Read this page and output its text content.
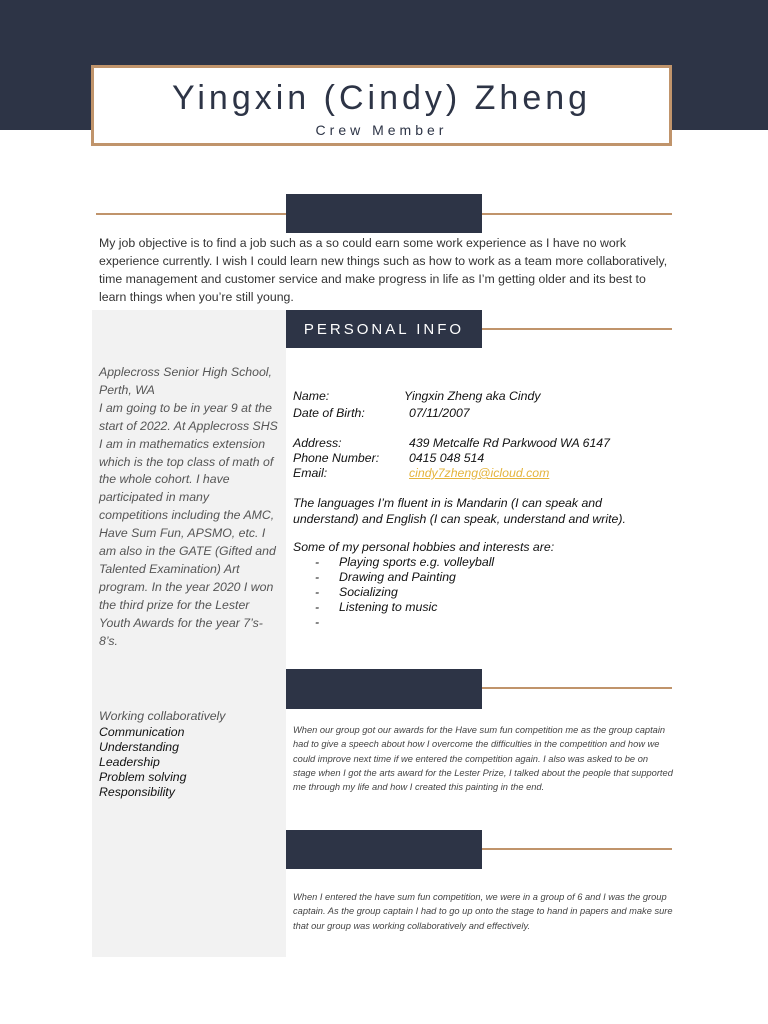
Yingxin (Cindy) Zheng
Crew Member
My job objective is to find a job such as a so could earn some work experience as I have no work experience currently. I wish I could learn new things such as how to work as a team more collaboratively, time management and customer service and make progress in life as I’m getting older and its best to learn things when you’re still young.
PERSONAL INFO
Applecross Senior High School, Perth, WA
I am going to be in year 9 at the start of 2022. At Applecross SHS I am in mathematics extension which is the top class of math of the whole cohort. I have participated in many competitions including the AMC, Have Sum Fun, APSMO, etc. I am also in the GATE (Gifted and Talented Examination) Art program. In the year 2020 I won the third prize for the Lester Youth Awards for the year 7’s-8’s.
Name:	Yingxin Zheng aka Cindy
Date of Birth:	07/11/2007
Address:	439 Metcalfe Rd Parkwood WA 6147
Phone Number: 0415 048 514
Email:	cindy7zheng@icloud.com
The languages I’m fluent in is Mandarin (I can speak and understand) and English (I can speak, understand and write).
Some of my personal hobbies and interests are:
- Playing sports e.g. volleyball
- Drawing and Painting
- Socializing
- Listening to music
Working collaboratively
Communication
Understanding
Leadership
Problem solving
Responsibility
When our group got our awards for the Have sum fun competition me as the group captain had to give a speech about how I overcome the difficulties in the competition and how we could improve next time if we entered the competition again. I also was asked to be on stage when I got the arts award for the Lester Prize, I talked about the people that supported me through my life and how I created this painting in the end.
When I entered the have sum fun competition, we were in a group of 6 and I was the group captain. As the group captain I had to go up onto the stage to hand in papers and make sure that our group was working collaboratively and effectively.
